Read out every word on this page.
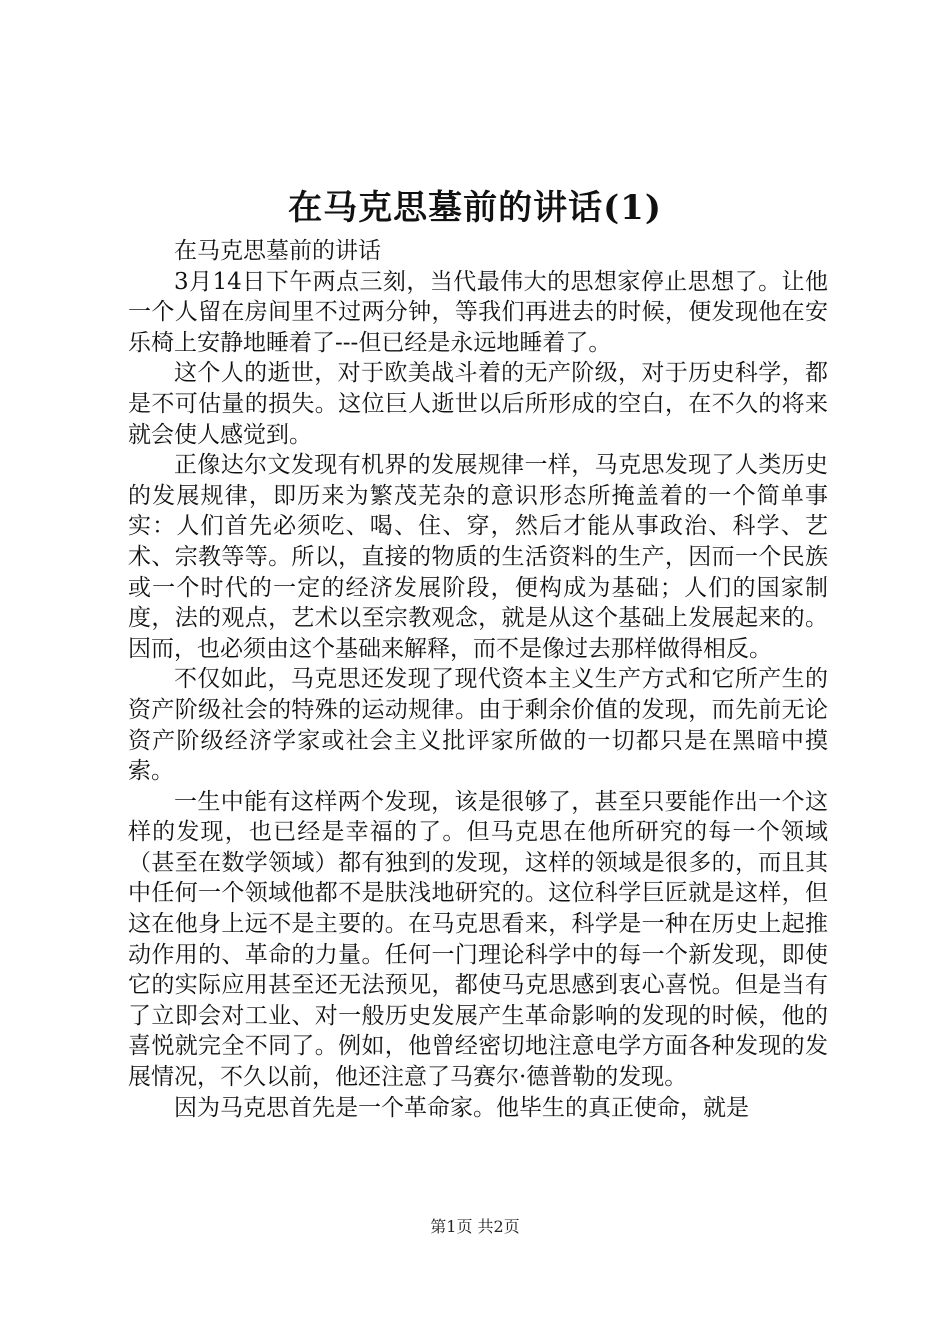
在马克思墓前的讲话(1)

在马克思墓前的讲话

3月14日下午两点三刻，当代最伟大的思想家停止思想了。让他一个人留在房间里不过两分钟，等我们再进去的时候，便发现他在安乐椅上安静地睡着了---但已经是永远地睡着了。

这个人的逝世，对于欧美战斗着的无产阶级，对于历史科学，都是不可估量的损失。这位巨人逝世以后所形成的空白，在不久的将来就会使人感觉到。

正像达尔文发现有机界的发展规律一样，马克思发现了人类历史的发展规律，即历来为繁茂芜杂的意识形态所掩盖着的一个简单事实：人们首先必须吃、喝、住、穿，然后才能从事政治、科学、艺术、宗教等等。所以，直接的物质的生活资料的生产，因而一个民族或一个时代的一定的经济发展阶段，便构成为基础；人们的国家制度，法的观点，艺术以至宗教观念，就是从这个基础上发展起来的。因而，也必须由这个基础来解释，而不是像过去那样做得相反。

不仅如此，马克思还发现了现代资本主义生产方式和它所产生的资产阶级社会的特殊的运动规律。由于剩余价值的发现，而先前无论资产阶级经济学家或社会主义批评家所做的一切都只是在黑暗中摸索。

一生中能有这样两个发现，该是很够了，甚至只要能作出一个这样的发现，也已经是幸福的了。但马克思在他所研究的每一个领域（甚至在数学领域）都有独到的发现，这样的领域是很多的，而且其中任何一个领域他都不是肤浅地研究的。这位科学巨匠就是这样，但这在他身上远不是主要的。在马克思看来，科学是一种在历史上起推动作用的、革命的力量。任何一门理论科学中的每一个新发现，即使它的实际应用甚至还无法预见，都使马克思感到衷心喜悦。但是当有了立即会对工业、对一般历史发展产生革命影响的发现的时候，他的喜悦就完全不同了。例如，他曾经密切地注意电学方面各种发现的发展情况，不久以前，他还注意了马赛尔·德普勒的发现。

因为马克思首先是一个革命家。他毕生的真正使命，就是

第1页 共2页
